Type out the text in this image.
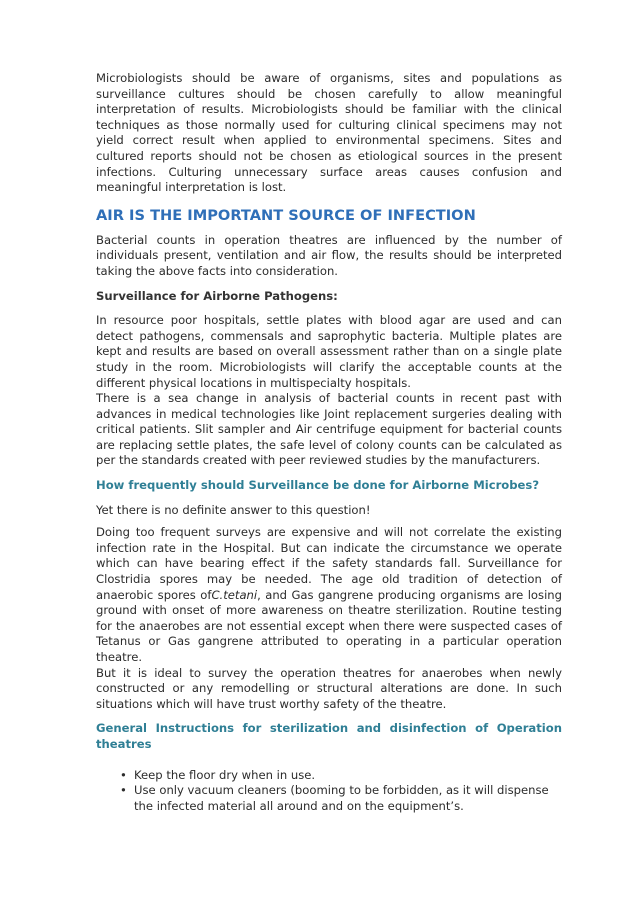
Microbiologists should be aware of organisms, sites and populations as surveillance cultures should be chosen carefully to allow meaningful interpretation of results. Microbiologists should be familiar with the clinical techniques as those normally used for culturing clinical specimens may not yield correct result when applied to environmental specimens. Sites and cultured reports should not be chosen as etiological sources in the present infections. Culturing unnecessary surface areas causes confusion and meaningful interpretation is lost.

AIR IS THE IMPORTANT SOURCE OF INFECTION

Bacterial counts in operation theatres are influenced by the number of individuals present, ventilation and air flow, the results should be interpreted taking the above facts into consideration.

Surveillance for Airborne Pathogens:

In resource poor hospitals, settle plates with blood agar are used and can detect pathogens, commensals and saprophytic bacteria. Multiple plates are kept and results are based on overall assessment rather than on a single plate study in the room. Microbiologists will clarify the acceptable counts at the different physical locations in multispecialty hospitals.

There is a sea change in analysis of bacterial counts in recent past with advances in medical technologies like Joint replacement surgeries dealing with critical patients. Slit sampler and Air centrifuge equipment for bacterial counts are replacing settle plates, the safe level of colony counts can be calculated as per the standards created with peer reviewed studies by the manufacturers.

How frequently should Surveillance be done for Airborne Microbes?

Yet there is no definite answer to this question!

Doing too frequent surveys are expensive and will not correlate the existing infection rate in the Hospital. But can indicate the circumstance we operate which can have bearing effect if the safety standards fall. Surveillance for Clostridia spores may be needed. The age old tradition of detection of anaerobic spores ofC.tetani, and Gas gangrene producing organisms are losing ground with onset of more awareness on theatre sterilization. Routine testing for the anaerobes are not essential except when there were suspected cases of Tetanus or Gas gangrene attributed to operating in a particular operation theatre.

But it is ideal to survey the operation theatres for anaerobes when newly constructed or any remodelling or structural alterations are done. In such situations which will have trust worthy safety of the theatre.

General Instructions for sterilization and disinfection of Operation theatres

• Keep the floor dry when in use.
• Use only vacuum cleaners (booming to be forbidden, as it will dispense the infected material all around and on the equipment’s.
